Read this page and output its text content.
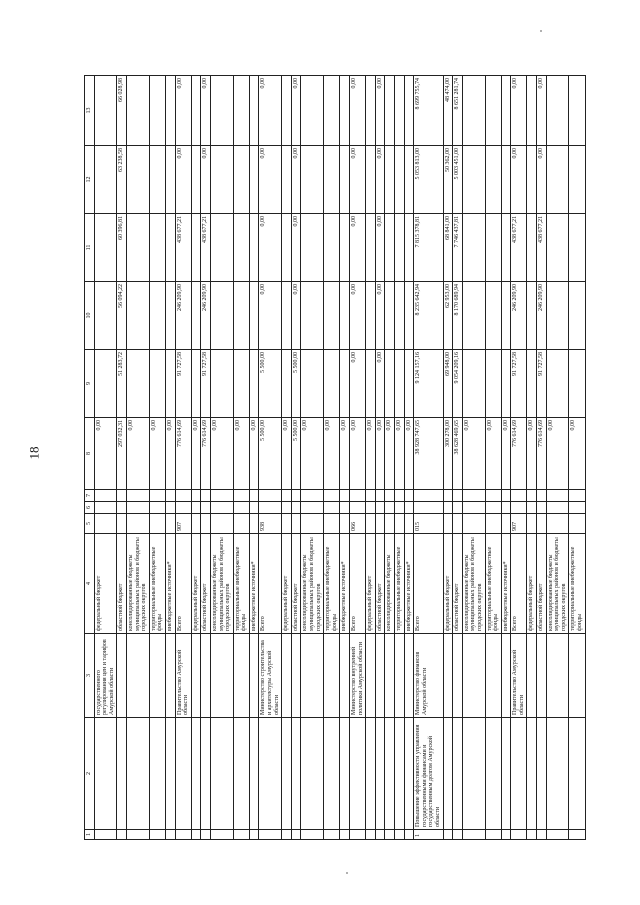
18
1	2	3	4	5	6	7	8	9	10	11	12	13
		государственного регулирования цен и тарифов Амурской области	федеральный бюджет				0,00					
			областной бюджет				297 032,31	51 283,72	56 094,22	60 396,81	63 238,58	66 028,98
			консолидированные бюджеты муниципальных районов и бюджеты городских округов				0,00					
			территориальные внебюджетные фонды				0,00					
			внебюджетные источники*				0,00					
		Правительство Амурской области	Всего	907			776 614,69	91 727,58	246 209,90	438 677,21	0,00	0,00
			федеральный бюджет				0,00					
			областной бюджет				776 614,69	91 727,58	246 209,90	438 677,21	0,00	0,00
			консолидированные бюджеты муниципальных районов и бюджеты городских округов				0,00					
			территориальные внебюджетные фонды				0,00					
			внебюджетные источники*				0,00					
		Министерство строительства и архитектуры Амурской области	Всего	938			5 500,00	5 500,00	0,00	0,00	0,00	0,00
			федеральный бюджет				0,00					
			областной бюджет				5 500,00	5 500,00	0,00	0,00	0,00	0,00
			консолидированные бюджеты муниципальных районов и бюджеты городских округов				0,00					
			территориальные внебюджетные фонды				0,00					
			внебюджетные источники*				0,00					
		Министерство внутренней политики Амурской области	Всего	066			0,00	0,00	0,00	0,00	0,00	0,00
			федеральный бюджет				0,00					
			областной бюджет				0,00	0,00	0,00	0,00	0,00	0,00
			консолидированные бюджеты				0,00					
			территориальные внебюджетные				0,00					
			внебюджетные источники*				0,00					
1	Повышение эффективности управления государственными финансами и государственным долгом Амурской области	Министерство финансов Амурской области	Всего	015			38 928 747,65	9 124 157,16	8 235 642,94	7 815 378,81	5 053 813,00	8 699 755,74
			федеральный бюджет				300 278,00	69 948,00	62 953,00	68 841,00	50 362,00	48 474,00
			областной бюджет				38 628 469,65	9 054 209,16	8 170 689,94	7 746 437,81	5 003 451,00	8 651 281,74
			консолидированные бюджеты муниципальных районов и бюджеты городских округов				0,00					
			территориальные внебюджетные фонды				0,00					
			внебюджетные источники*				0,00					
		Правительство Амурской области	Всего	907			776 614,69	91 727,58	246 209,90	438 677,21	0,00	0,00
			федеральный бюджет				0,00					
			областной бюджет				776 614,69	91 727,58	246 209,90	438 677,21	0,00	0,00
			консолидированные бюджеты муниципальных районов и бюджеты городских округов				0,00					
			территориальные внебюджетные фонды				0,00					
